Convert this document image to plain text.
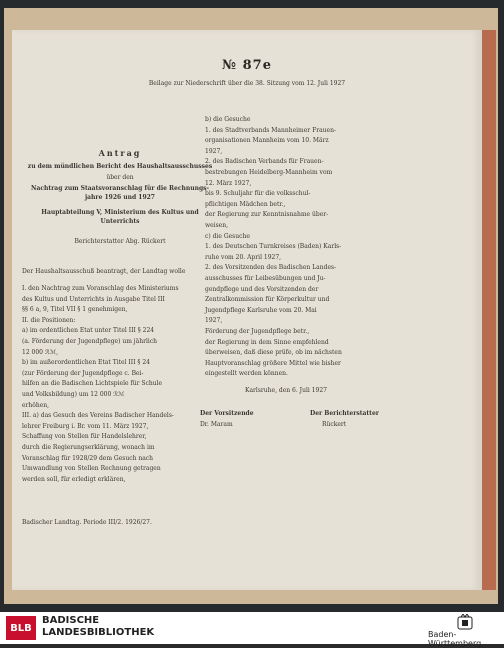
№ 87e
Beilage zur Niederschrift über die 38. Sitzung vom 12. Juli 1927
Antrag
zu dem mündlichen Bericht des Haushaltsausschusses
über den
Nachtrag zum Staatsvoranschlag für die Rechnungs-
jahre 1926 und 1927
Hauptabteilung V, Ministerium des Kultus und
Unterrichts
Berichterstatter Abg. Rückert
Der Haushaltsausschuß beantragt, der Landtag wolle
I. den Nachtrag zum Voranschlag des Ministeriums
des Kultus und Unterrichts in Ausgabe Titel III
§§ 6 a, 9, Titel VII § 1 genehmigen,
II. die Positionen:
a) im ordentlichen Etat unter Titel III § 224
(a. Förderung der Jugendpflege) um jährlich
12 000 ℛℳ,
b) im außerordentlichen Etat Titel III § 24
(zur Förderung der Jugendpflege c. Bei-
hilfen an die Badischen Lichtspiele für Schule
und Volksbildung) um 12 000 ℛℳ
erhöhen,
III. a) das Gesuch des Vereins Badischer Handels-
lehrer Freiburg i. Br. vom 11. März 1927,
Schaffung von Stellen für Handelslehrer,
durch die Regierungserklärung, wonach im
Voranschlag für 1928/29 dem Gesuch nach
Umwandlung von Stellen Rechnung getragen
werden soll, für erledigt erklären,
b) die Gesuche
1. des Stadtverbands Mannheimer Frauen-
organisationen Mannheim vom 10. März
1927,
2. des Badischen Verbands für Frauen-
bestrebungen Heidelberg-Mannheim vom
12. März 1927,
bis 9. Schuljahr für die volksschul-
pflichtigen Mädchen betr.,
der Regierung zur Kenntnisnahme über-
weisen,
c) die Gesuche
1. des Deutschen Turnkreises (Baden) Karls-
ruhe vom 20. April 1927,
2. des Vorsitzenden des Badischen Landes-
ausschusses für Leibesübungen und Ju-
gendpflege und des Vorsitzenden der
Zentralkommission für Körperkultur und
Jugendpflege Karlsruhe vom 20. Mai
1927,
Förderung der Jugendpflege betr.,
der Regierung in dem Sinne empfehlend
überweisen, daß diese prüfe, ob im nächsten
Hauptvoranschlag größere Mittel wie bisher
eingestellt werden können.
Karlsruhe, den 6. Juli 1927
Der Vorsitzende	Der Berichterstatter
Dr. Maram	Rückert
Badischer Landtag. Periode III/2. 1926/27.
BLB
BADISCHE
LANDESBIBLIOTHEK	Baden-Württemberg
